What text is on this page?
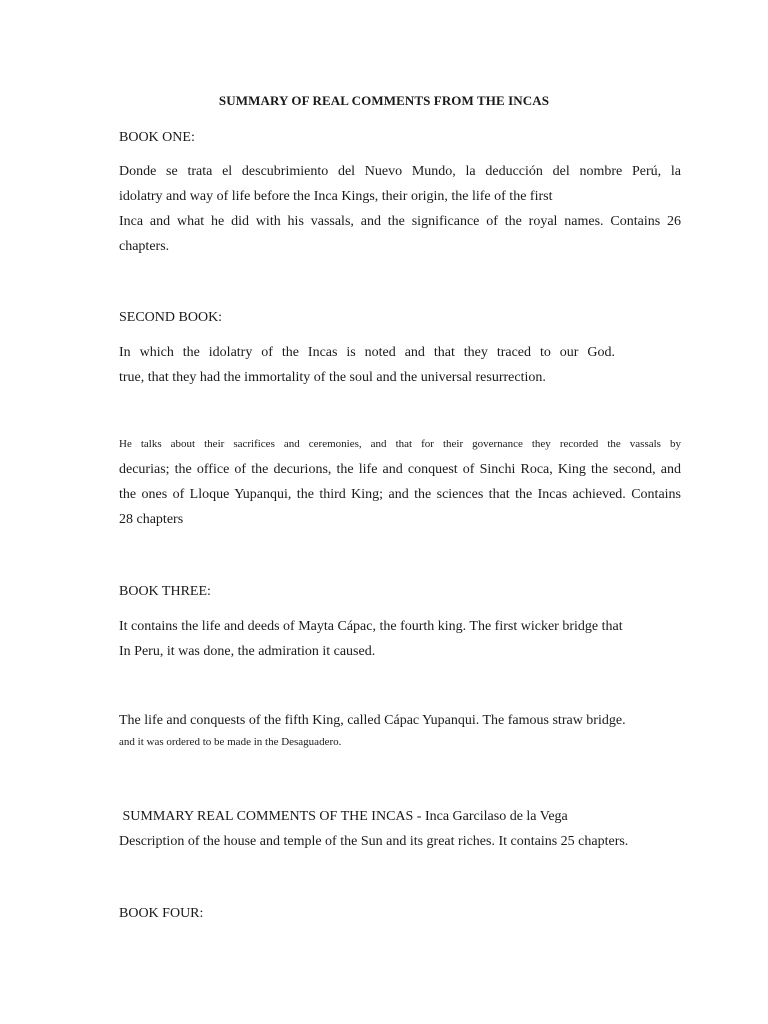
SUMMARY OF REAL COMMENTS FROM THE INCAS
BOOK ONE:
Donde se trata el descubrimiento del Nuevo Mundo, la deducción del nombre Perú, la
idolatry and way of life before the Inca Kings, their origin, the life of the first
Inca and what he did with his vassals, and the significance of the royal names. Contains 26
chapters.
SECOND BOOK:
In which the idolatry of the Incas is noted and that they traced to our God.
true, that they had the immortality of the soul and the universal resurrection.
He talks about their sacrifices and ceremonies, and that for their governance they recorded the vassals by
decurias; the office of the decurions, the life and conquest of Sinchi Roca, King the second, and
the ones of Lloque Yupanqui, the third King; and the sciences that the Incas achieved. Contains
28 chapters
BOOK THREE:
It contains the life and deeds of Mayta Cápac, the fourth king. The first wicker bridge that
In Peru, it was done, the admiration it caused.
The life and conquests of the fifth King, called Cápac Yupanqui. The famous straw bridge.
and it was ordered to be made in the Desaguadero.
SUMMARY REAL COMMENTS OF THE INCAS - Inca Garcilaso de la Vega
Description of the house and temple of the Sun and its great riches. It contains 25 chapters.
BOOK FOUR:
